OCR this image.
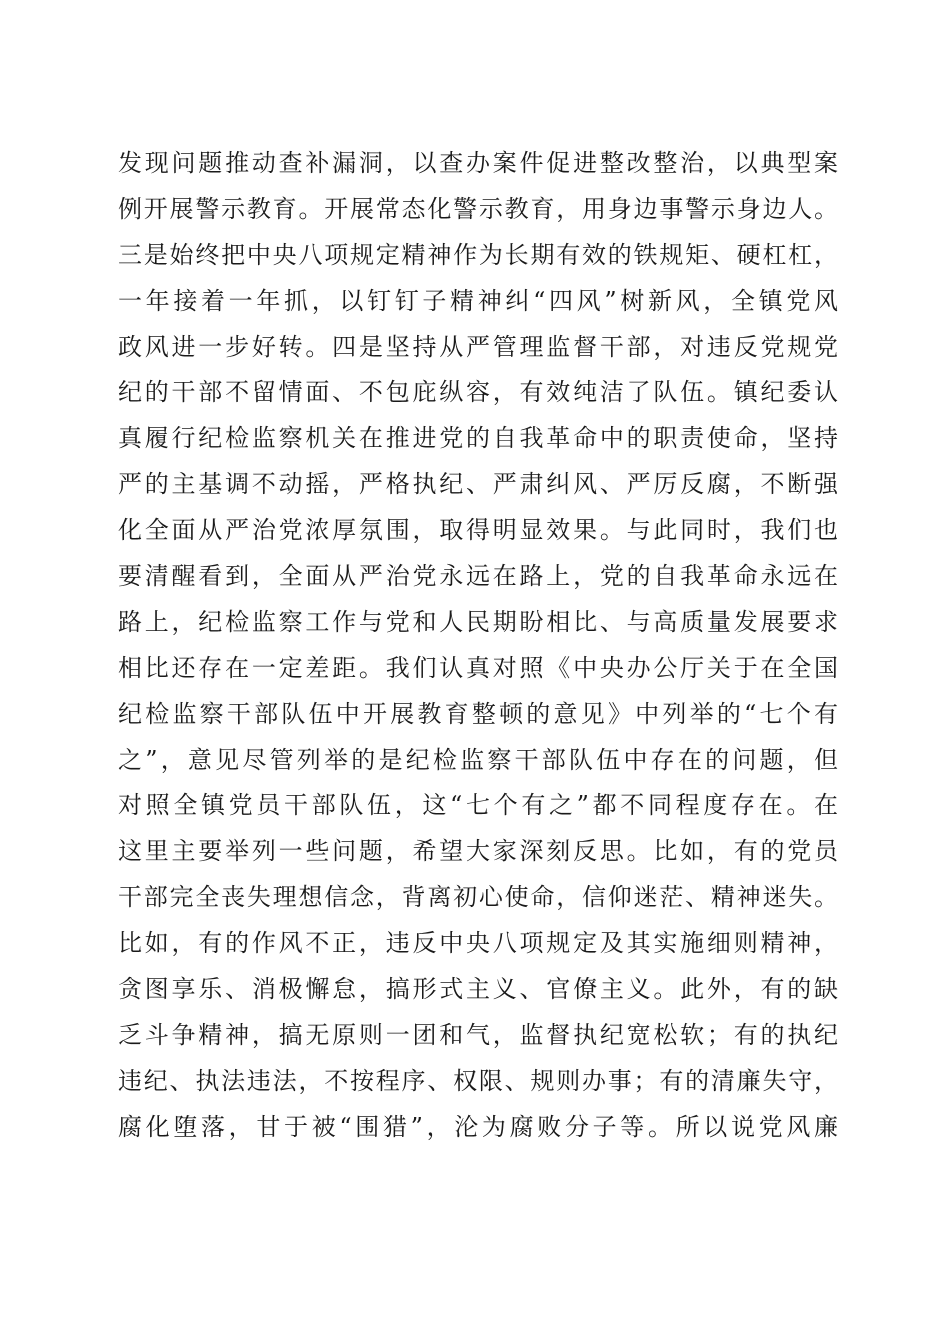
发现问题推动查补漏洞，以查办案件促进整改整治，以典型案
例开展警示教育。开展常态化警示教育，用身边事警示身边人。
三是始终把中央八项规定精神作为长期有效的铁规矩、硬杠杠，
一年接着一年抓，以钉钉子精神纠“四风”树新风，全镇党风
政风进一步好转。四是坚持从严管理监督干部，对违反党规党
纪的干部不留情面、不包庇纵容，有效纯洁了队伍。镇纪委认
真履行纪检监察机关在推进党的自我革命中的职责使命，坚持
严的主基调不动摇，严格执纪、严肃纠风、严厉反腐，不断强
化全面从严治党浓厚氛围，取得明显效果。与此同时，我们也
要清醒看到，全面从严治党永远在路上，党的自我革命永远在
路上，纪检监察工作与党和人民期盼相比、与高质量发展要求
相比还存在一定差距。我们认真对照《中央办公厅关于在全国
纪检监察干部队伍中开展教育整顿的意见》中列举的“七个有
之”，意见尽管列举的是纪检监察干部队伍中存在的问题，但
对照全镇党员干部队伍，这“七个有之”都不同程度存在。在
这里主要举列一些问题，希望大家深刻反思。比如，有的党员
干部完全丧失理想信念，背离初心使命，信仰迷茫、精神迷失。
比如，有的作风不正，违反中央八项规定及其实施细则精神，
贪图享乐、消极懈怠，搞形式主义、官僚主义。此外，有的缺
乏斗争精神，搞无原则一团和气，监督执纪宽松软；有的执纪
违纪、执法违法，不按程序、权限、规则办事；有的清廉失守，
腐化堕落，甘于被“围猎”，沦为腐败分子等。所以说党风廉
